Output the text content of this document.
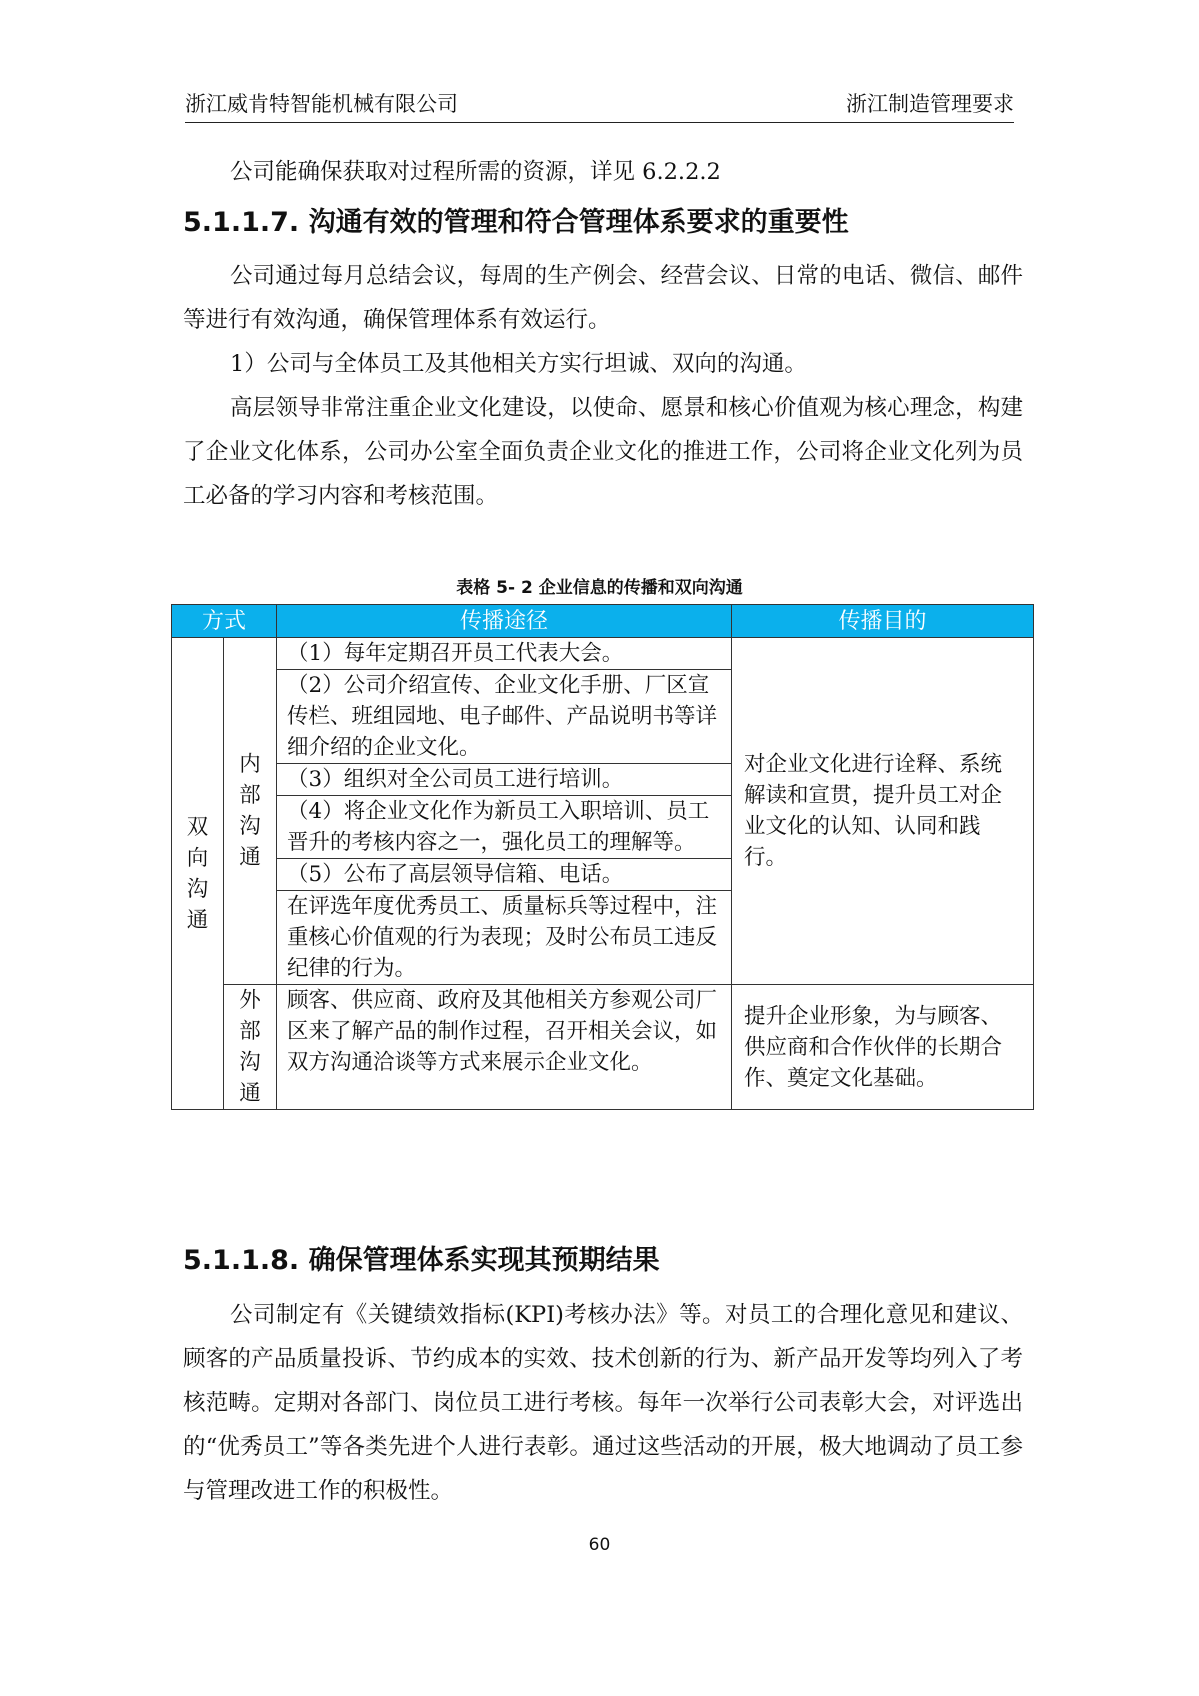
浙江威肯特智能机械有限公司	浙江制造管理要求

公司能确保获取对过程所需的资源，详见 6.2.2.2

5.1.1.7. 沟通有效的管理和符合管理体系要求的重要性

公司通过每月总结会议，每周的生产例会、经营会议、日常的电话、微信、邮件等进行有效沟通，确保管理体系有效运行。

1）公司与全体员工及其他相关方实行坦诚、双向的沟通。

高层领导非常注重企业文化建设，以使命、愿景和核心价值观为核心理念，构建了企业文化体系，公司办公室全面负责企业文化的推进工作，公司将企业文化列为员工必备的学习内容和考核范围。

表格 5- 2 企业信息的传播和双向沟通
方式		传播途径	传播目的

双向沟通	内部沟通	（1）每年定期召开员工代表大会。	对企业文化进行诠释、系统解读和宣贯，提升员工对企业文化的认知、认同和践行。
		（2）公司介绍宣传、企业文化手册、厂区宣传栏、班组园地、电子邮件、产品说明书等详细介绍的企业文化。	
		（3）组织对全公司员工进行培训。	
		（4）将企业文化作为新员工入职培训、员工晋升的考核内容之一，强化员工的理解等。	
		（5）公布了高层领导信箱、电话。	
		在评选年度优秀员工、质量标兵等过程中，注重核心价值观的行为表现；及时公布员工违反纪律的行为。	

	外部沟通	顾客、供应商、政府及其他相关方参观公司厂区来了解产品的制作过程，召开相关会议，如双方沟通洽谈等方式来展示企业文化。	提升企业形象，为与顾客、供应商和合作伙伴的长期合作、奠定文化基础。
5.1.1.8. 确保管理体系实现其预期结果

公司制定有《关键绩效指标(KPI)考核办法》等。对员工的合理化意见和建议、顾客的产品质量投诉、节约成本的实效、技术创新的行为、新产品开发等均列入了考核范畴。定期对各部门、岗位员工进行考核。每年一次举行公司表彰大会，对评选出的“优秀员工”等各类先进个人进行表彰。通过这些活动的开展，极大地调动了员工参与管理改进工作的积极性。

60
